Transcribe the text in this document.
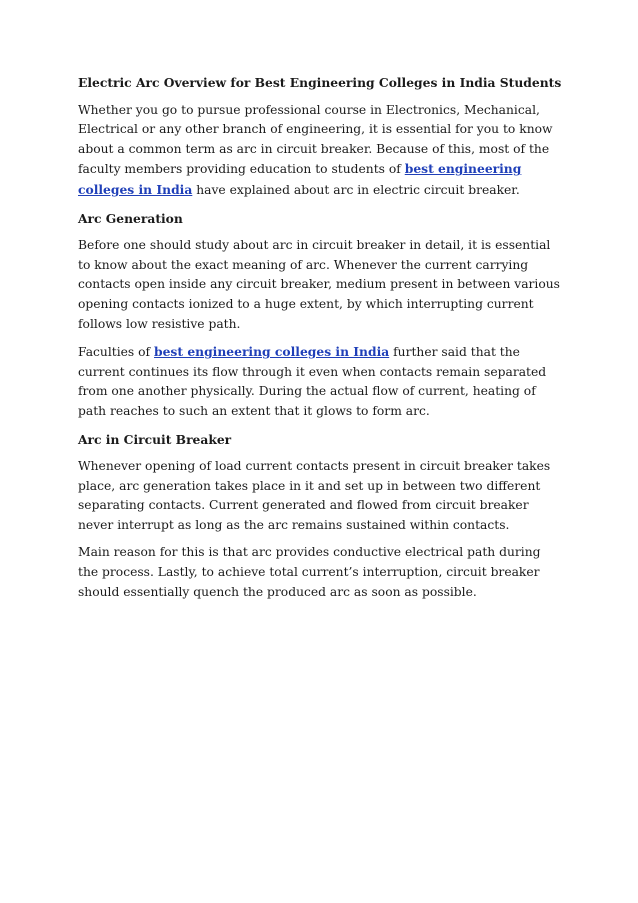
Electric Arc Overview for Best Engineering Colleges in India Students

Whether you go to pursue professional course in Electronics, Mechanical, Electrical or any other branch of engineering, it is essential for you to know about a common term as arc in circuit breaker. Because of this, most of the faculty members providing education to students of best engineering colleges in India have explained about arc in electric circuit breaker.

Arc Generation

Before one should study about arc in circuit breaker in detail, it is essential to know about the exact meaning of arc. Whenever the current carrying contacts open inside any circuit breaker, medium present in between various opening contacts ionized to a huge extent, by which interrupting current follows low resistive path.

Faculties of best engineering colleges in India further said that the current continues its flow through it even when contacts remain separated from one another physically. During the actual flow of current, heating of path reaches to such an extent that it glows to form arc.

Arc in Circuit Breaker

Whenever opening of load current contacts present in circuit breaker takes place, arc generation takes place in it and set up in between two different separating contacts. Current generated and flowed from circuit breaker never interrupt as long as the arc remains sustained within contacts.

Main reason for this is that arc provides conductive electrical path during the process. Lastly, to achieve total current’s interruption, circuit breaker should essentially quench the produced arc as soon as possible.
